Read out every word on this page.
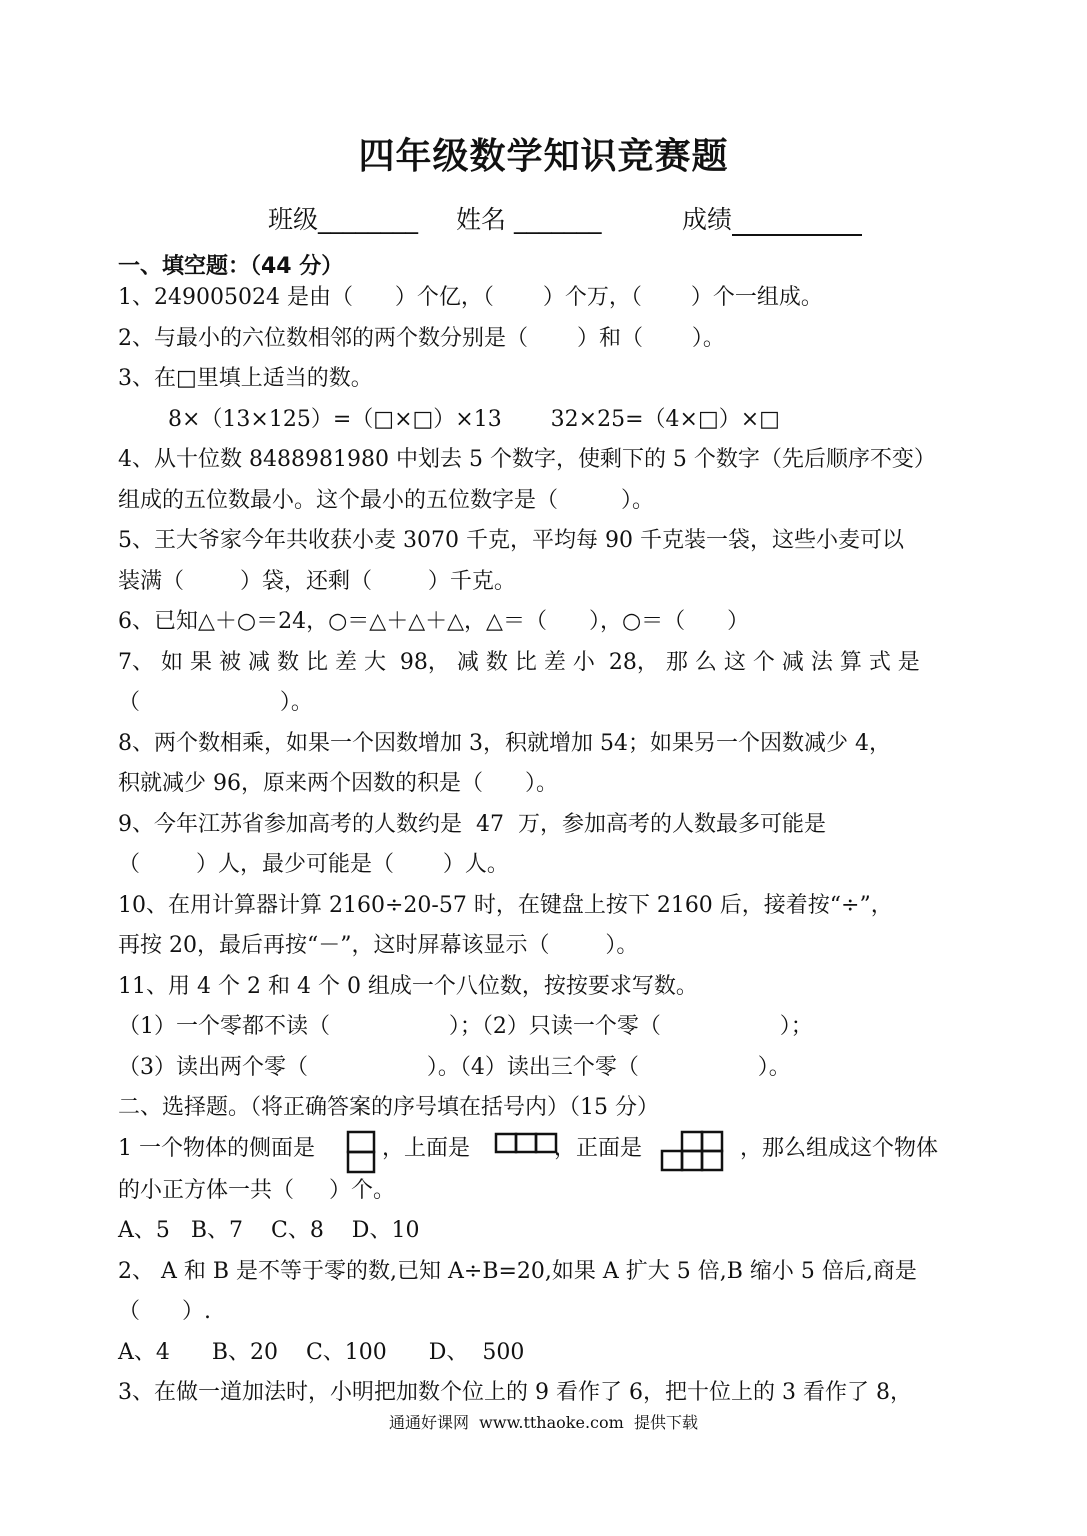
四年级数学知识竞赛题
班级________ 姓名 _______	成绩
一、填空题：（44 分）
1、249005024 是由（      ）个亿，（       ）个万，（       ）个一组成。
2、与最小的六位数相邻的两个数分别是（       ）和（       ）。
3、在□里填上适当的数。
8×（13×125）=（□×□）×13       32×25=（4×□）×□
4、从十位数 8488981980 中划去 5 个数字，使剩下的 5 个数字（先后顺序不变）
组成的五位数最小。这个最小的五位数字是（         ）。
5、王大爷家今年共收获小麦 3070 千克，平均每 90 千克装一袋，这些小麦可以
装满（        ）袋，还剩（        ）千克。
6、已知△＋○＝24，○＝△＋△＋△，△＝（      ），○＝（      ）
7、 如 果 被 减 数 比 差 大  98， 减 数 比 差 小  28， 那 么 这 个 减 法 算 式 是
（                    ）。
8、两个数相乘，如果一个因数增加 3，积就增加 54；如果另一个因数减少 4，
积就减少 96，原来两个因数的积是（      ）。
9、今年江苏省参加高考的人数约是  47  万，参加高考的人数最多可能是
（        ）人，最少可能是（       ）人。
10、在用计算器计算 2160÷20-57 时，在键盘上按下 2160 后，接着按“÷”，
再按 20，最后再按“－”，这时屏幕该显示（        ）。
11、用 4 个 2 和 4 个 0 组成一个八位数，按按要求写数。
（1）一个零都不读（                 ）；（2）只读一个零（                 ）；
（3）读出两个零（                 ）。（4）读出三个零（                 ）。
二、选择题。（将正确答案的序号填在括号内）（15 分）
1 一个物体的侧面是	，上面是	，正面是	，那么组成这个物体
的小正方体一共（     ）个。
A、5   B、7    C、8    D、10
2、 A 和 B 是不等于零的数,已知 A÷B=20,如果 A 扩大 5 倍,B 缩小 5 倍后,商是
（      ）.
A、4      B、20    C、100      D、  500
3、在做一道加法时，小明把加数个位上的 9 看作了 6，把十位上的 3 看作了 8，
通通好课网  www.tthaoke.com  提供下载
